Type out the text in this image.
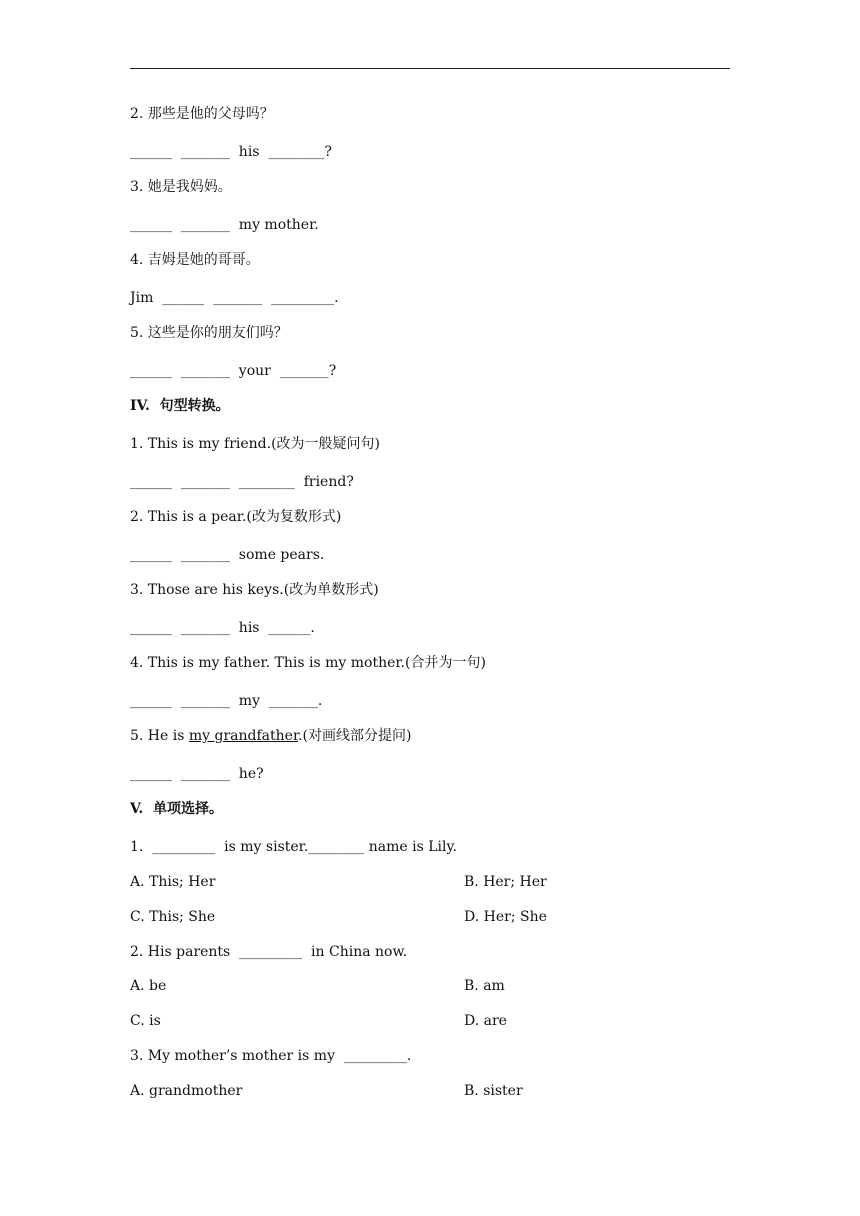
2. 那些是他的父母吗？
______  _______  his  ________?
3. 她是我妈妈。
______  _______  my mother.
4. 吉姆是她的哥哥。
Jim  ______  _______  _________.
5. 这些是你的朋友们吗？
______  _______  your  _______?
IV.  句型转换。
1. This is my friend.(改为一般疑问句)
______  _______  ________  friend?
2. This is a pear.(改为复数形式)
______  _______  some pears.
3. Those are his keys.(改为单数形式)
______  _______  his  ______.
4. This is my father. This is my mother.(合并为一句)
______  _______  my  _______.
5. He is my grandfather.(对画线部分提问)
______  _______  he?
V.  单项选择。
1.  _________  is my sister.________ name is Lily.
A. This; Her	B. Her; Her
C. This; She	D. Her; She
2. His parents  _________  in China now.
A. be	B. am
C. is	D. are
3. My mother’s mother is my  _________.
A. grandmother	B. sister
